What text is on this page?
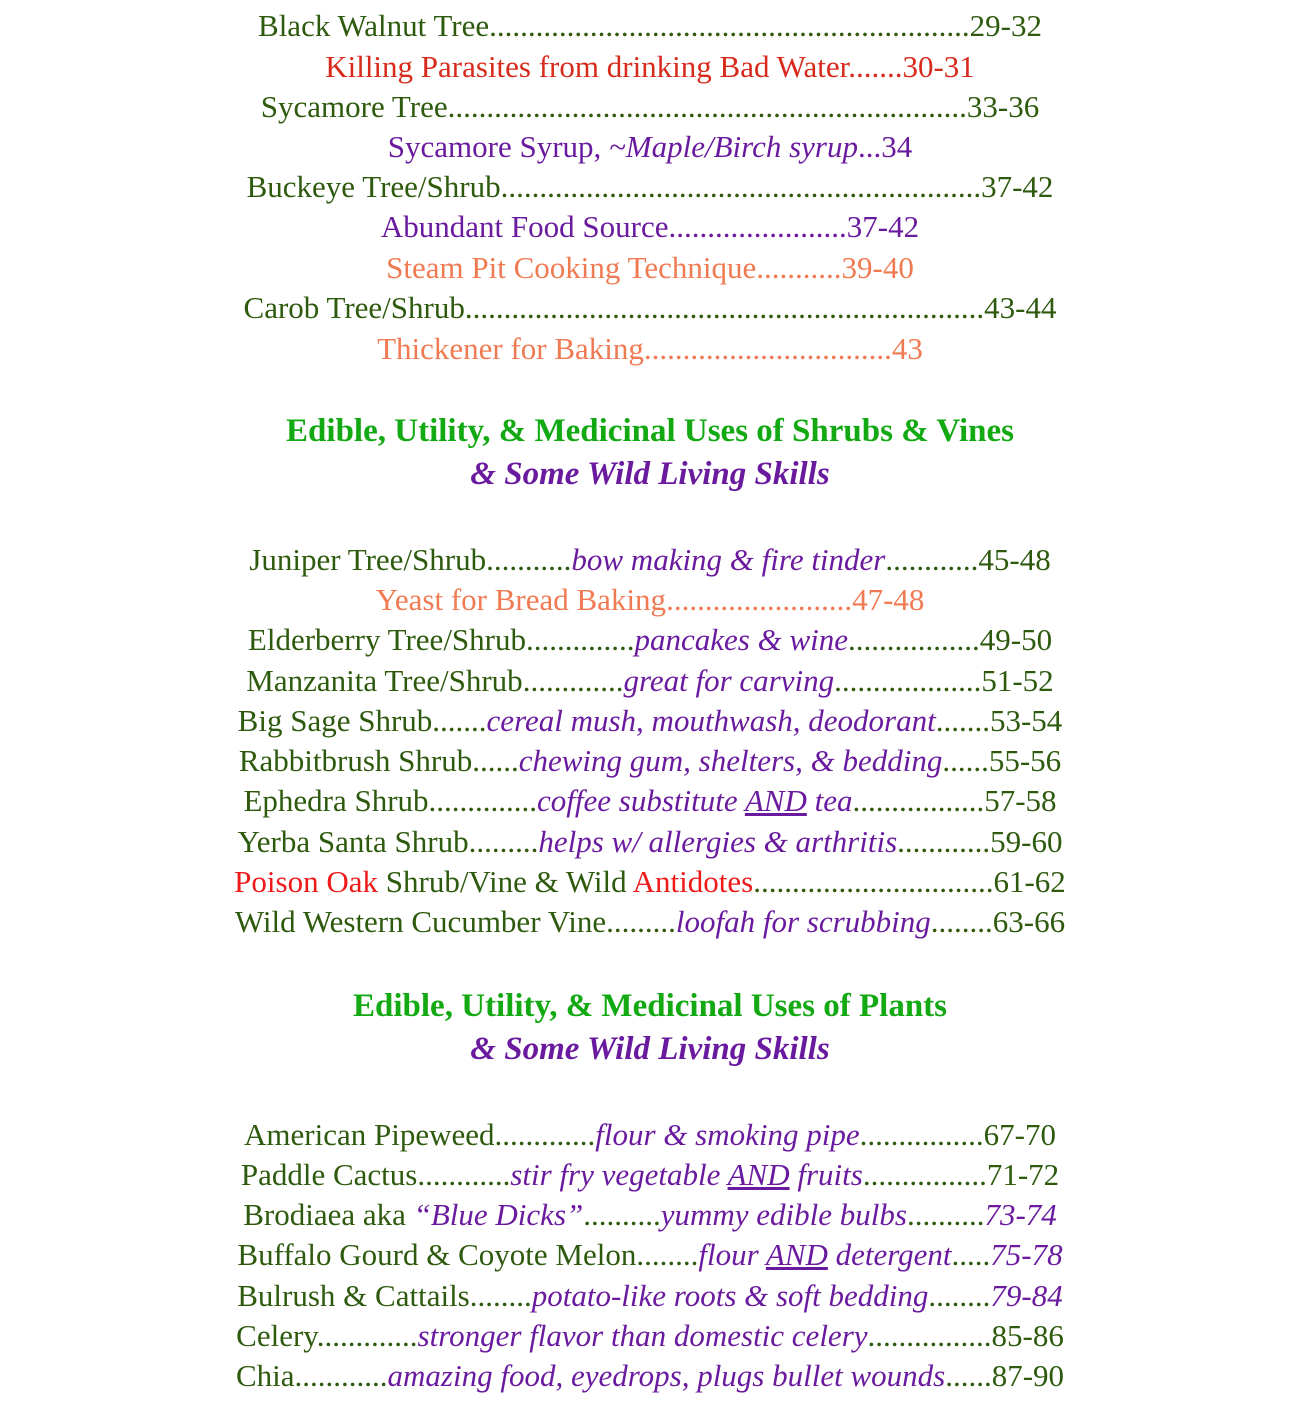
Black Walnut Tree..............................................................29-32
Killing Parasites from drinking Bad Water.......30-31
Sycamore Tree...................................................................33-36
Sycamore Syrup, ~Maple/Birch syrup...34
Buckeye Tree/Shrub..............................................................37-42
Abundant Food Source.......................37-42
Steam Pit Cooking Technique...........39-40
Carob Tree/Shrub...................................................................43-44
Thickener for Baking................................43
Edible, Utility, & Medicinal Uses of Shrubs & Vines
& Some Wild Living Skills
Juniper Tree/Shrub...........bow making & fire tinder............45-48
Yeast for Bread Baking........................47-48
Elderberry Tree/Shrub..............pancakes & wine.................49-50
Manzanita Tree/Shrub.............great for carving...................51-52
Big Sage Shrub.......cereal mush, mouthwash, deodorant.......53-54
Rabbitbrush Shrub......chewing gum, shelters, & bedding......55-56
Ephedra Shrub..............coffee substitute AND tea.................57-58
Yerba Santa Shrub.........helps w/ allergies & arthritis............59-60
Poison Oak Shrub/Vine & Wild Antidotes...............................61-62
Wild Western Cucumber Vine.........loofah for scrubbing........63-66
Edible, Utility, & Medicinal Uses of Plants
& Some Wild Living Skills
American Pipeweed.............flour & smoking pipe................67-70
Paddle Cactus............stir fry vegetable AND fruits................71-72
Brodiaea aka “Blue Dicks”..........yummy edible bulbs..........73-74
Buffalo Gourd & Coyote Melon........flour AND detergent.....75-78
Bulrush & Cattails........potato-like roots & soft bedding........79-84
Celery.............stronger flavor than domestic celery................85-86
Chia............amazing food, eyedrops, plugs bullet wounds......87-90
